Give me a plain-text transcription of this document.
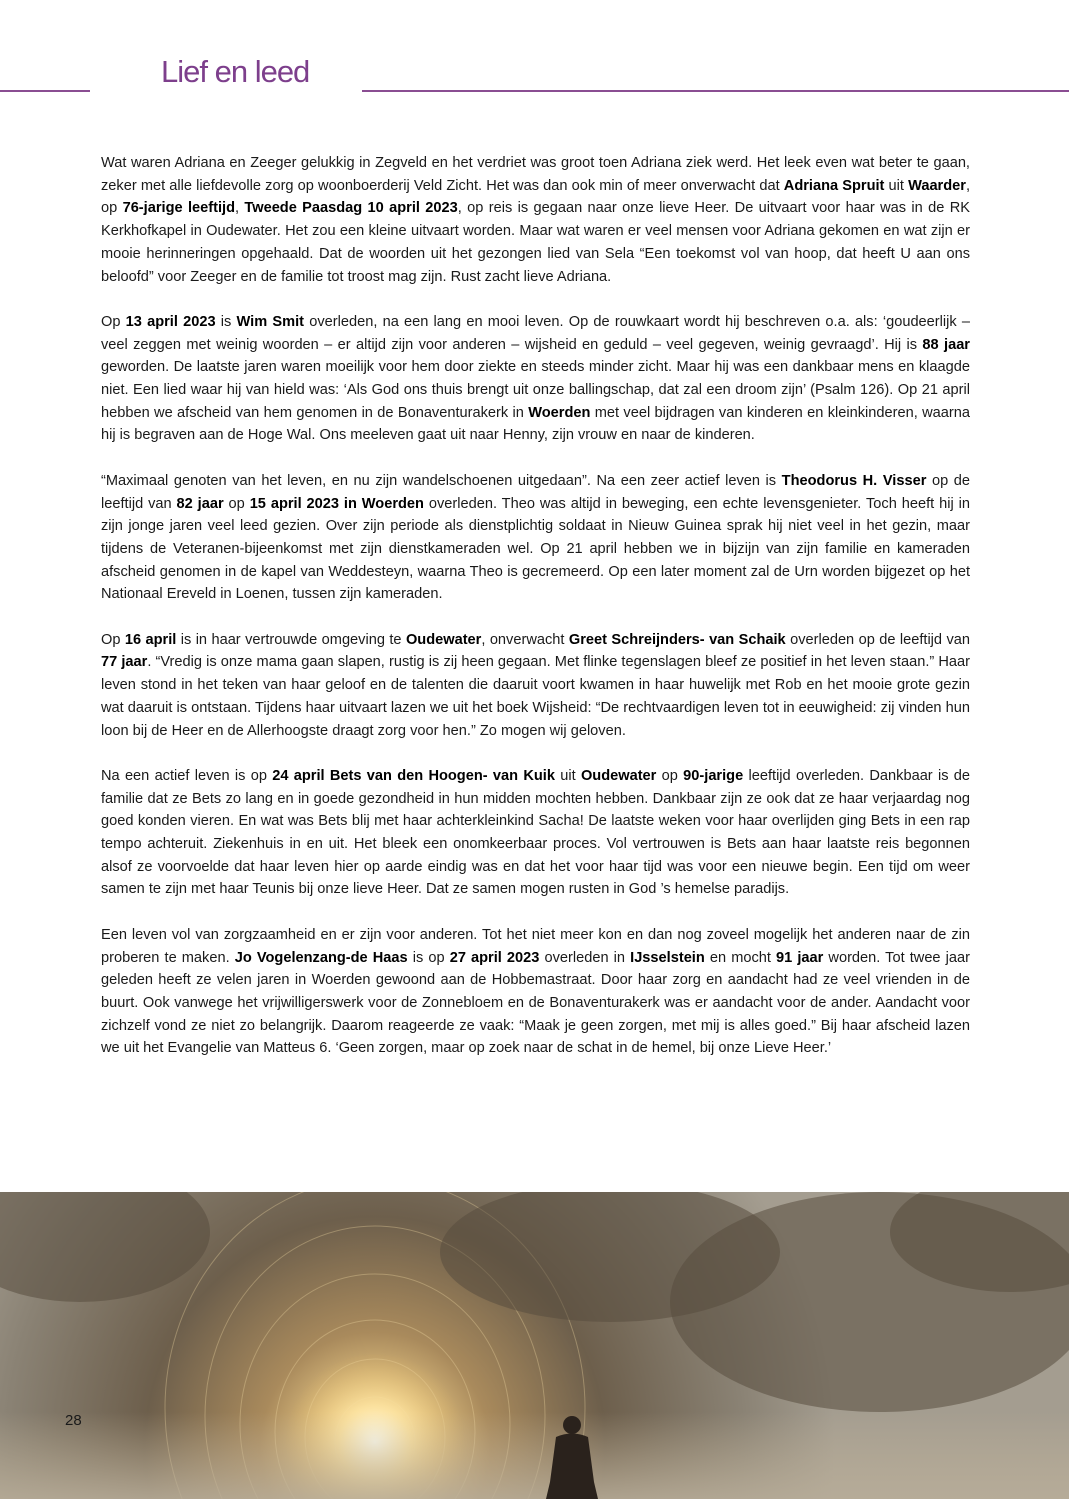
Lief en leed

Wat waren Adriana en Zeeger gelukkig in Zegveld en het verdriet was groot toen Adriana ziek werd. Het leek even wat beter te gaan, zeker met alle liefdevolle zorg op woonboerderij Veld Zicht. Het was dan ook min of meer onverwacht dat Adriana Spruit uit Waarder, op 76-jarige leeftijd, Tweede Paasdag 10 april 2023, op reis is gegaan naar onze lieve Heer. De uitvaart voor haar was in de RK Kerkhofkapel in Oudewater. Het zou een kleine uitvaart worden. Maar wat waren er veel mensen voor Adriana gekomen en wat zijn er mooie herinneringen opgehaald. Dat de woorden uit het gezongen lied van Sela “Een toekomst vol van hoop, dat heeft U aan ons beloofd” voor Zeeger en de familie tot troost mag zijn. Rust zacht lieve Adriana.

Op 13 april 2023 is Wim Smit overleden, na een lang en mooi leven. Op de rouwkaart wordt hij beschreven o.a. als: ‘goudeerlijk – veel zeggen met weinig woorden – er altijd zijn voor anderen – wijsheid en geduld – veel gegeven, weinig gevraagd’. Hij is 88 jaar geworden. De laatste jaren waren moeilijk voor hem door ziekte en steeds minder zicht. Maar hij was een dankbaar mens en klaagde niet. Een lied waar hij van hield was: ‘Als God ons thuis brengt uit onze ballingschap, dat zal een droom zijn’ (Psalm 126). Op 21 april hebben we afscheid van hem genomen in de Bonaventurakerk in Woerden met veel bijdragen van kinderen en kleinkinderen, waarna hij is begraven aan de Hoge Wal. Ons meeleven gaat uit naar Henny, zijn vrouw en naar de kinderen.

“Maximaal genoten van het leven, en nu zijn wandelschoenen uitgedaan”. Na een zeer actief leven is Theodorus H. Visser op de leeftijd van 82 jaar op 15 april 2023 in Woerden overleden. Theo was altijd in beweging, een echte levensgenieter. Toch heeft hij in zijn jonge jaren veel leed gezien. Over zijn periode als dienstplichtig soldaat in Nieuw Guinea sprak hij niet veel in het gezin, maar tijdens de Veteranen-bijeenkomst met zijn dienstkameraden wel. Op 21 april hebben we in bijzijn van zijn familie en kameraden afscheid genomen in de kapel van Weddesteyn, waarna Theo is gecremeerd. Op een later moment zal de Urn worden bijgezet op het Nationaal Ereveld in Loenen, tussen zijn kameraden.

Op 16 april is in haar vertrouwde omgeving te Oudewater, onverwacht Greet Schreijnders- van Schaik overleden op de leeftijd van 77 jaar. “Vredig is onze mama gaan slapen, rustig is zij heen gegaan. Met flinke tegenslagen bleef ze positief in het leven staan.” Haar leven stond in het teken van haar geloof en de talenten die daaruit voort kwamen in haar huwelijk met Rob en het mooie grote gezin wat daaruit is ontstaan. Tijdens haar uitvaart lazen we uit het boek Wijsheid: “De rechtvaardigen leven tot in eeuwigheid: zij vinden hun loon bij de Heer en de Allerhoogste draagt zorg voor hen.” Zo mogen wij geloven.

Na een actief leven is op 24 april Bets van den Hoogen- van Kuik uit Oudewater op 90-jarige leeftijd overleden. Dankbaar is de familie dat ze Bets zo lang en in goede gezondheid in hun midden mochten hebben. Dankbaar zijn ze ook dat ze haar verjaardag nog goed konden vieren. En wat was Bets blij met haar achterkleinkind Sacha! De laatste weken voor haar overlijden ging Bets in een rap tempo achteruit. Ziekenhuis in en uit. Het bleek een onomkeerbaar proces. Vol vertrouwen is Bets aan haar laatste reis begonnen alsof ze voorvoelde dat haar leven hier op aarde eindig was en dat het voor haar tijd was voor een nieuwe begin. Een tijd om weer samen te zijn met haar Teunis bij onze lieve Heer. Dat ze samen mogen rusten in God ’s hemelse paradijs.

Een leven vol van zorgzaamheid en er zijn voor anderen. Tot het niet meer kon en dan nog zoveel mogelijk het anderen naar de zin proberen te maken. Jo Vogelenzang-de Haas is op 27 april 2023 overleden in IJsselstein en mocht 91 jaar worden. Tot twee jaar geleden heeft ze velen jaren in Woerden gewoond aan de Hobbemastraat. Door haar zorg en aandacht had ze veel vrienden in de buurt. Ook vanwege het vrijwilligerswerk voor de Zonnebloem en de Bonaventurakerk was er aandacht voor de ander. Aandacht voor zichzelf vond ze niet zo belangrijk. Daarom reageerde ze vaak: “Maak je geen zorgen, met mij is alles goed.” Bij haar afscheid lazen we uit het Evangelie van Matteus 6. ‘Geen zorgen, maar op zoek naar de schat in de hemel, bij onze Lieve Heer.’

28
